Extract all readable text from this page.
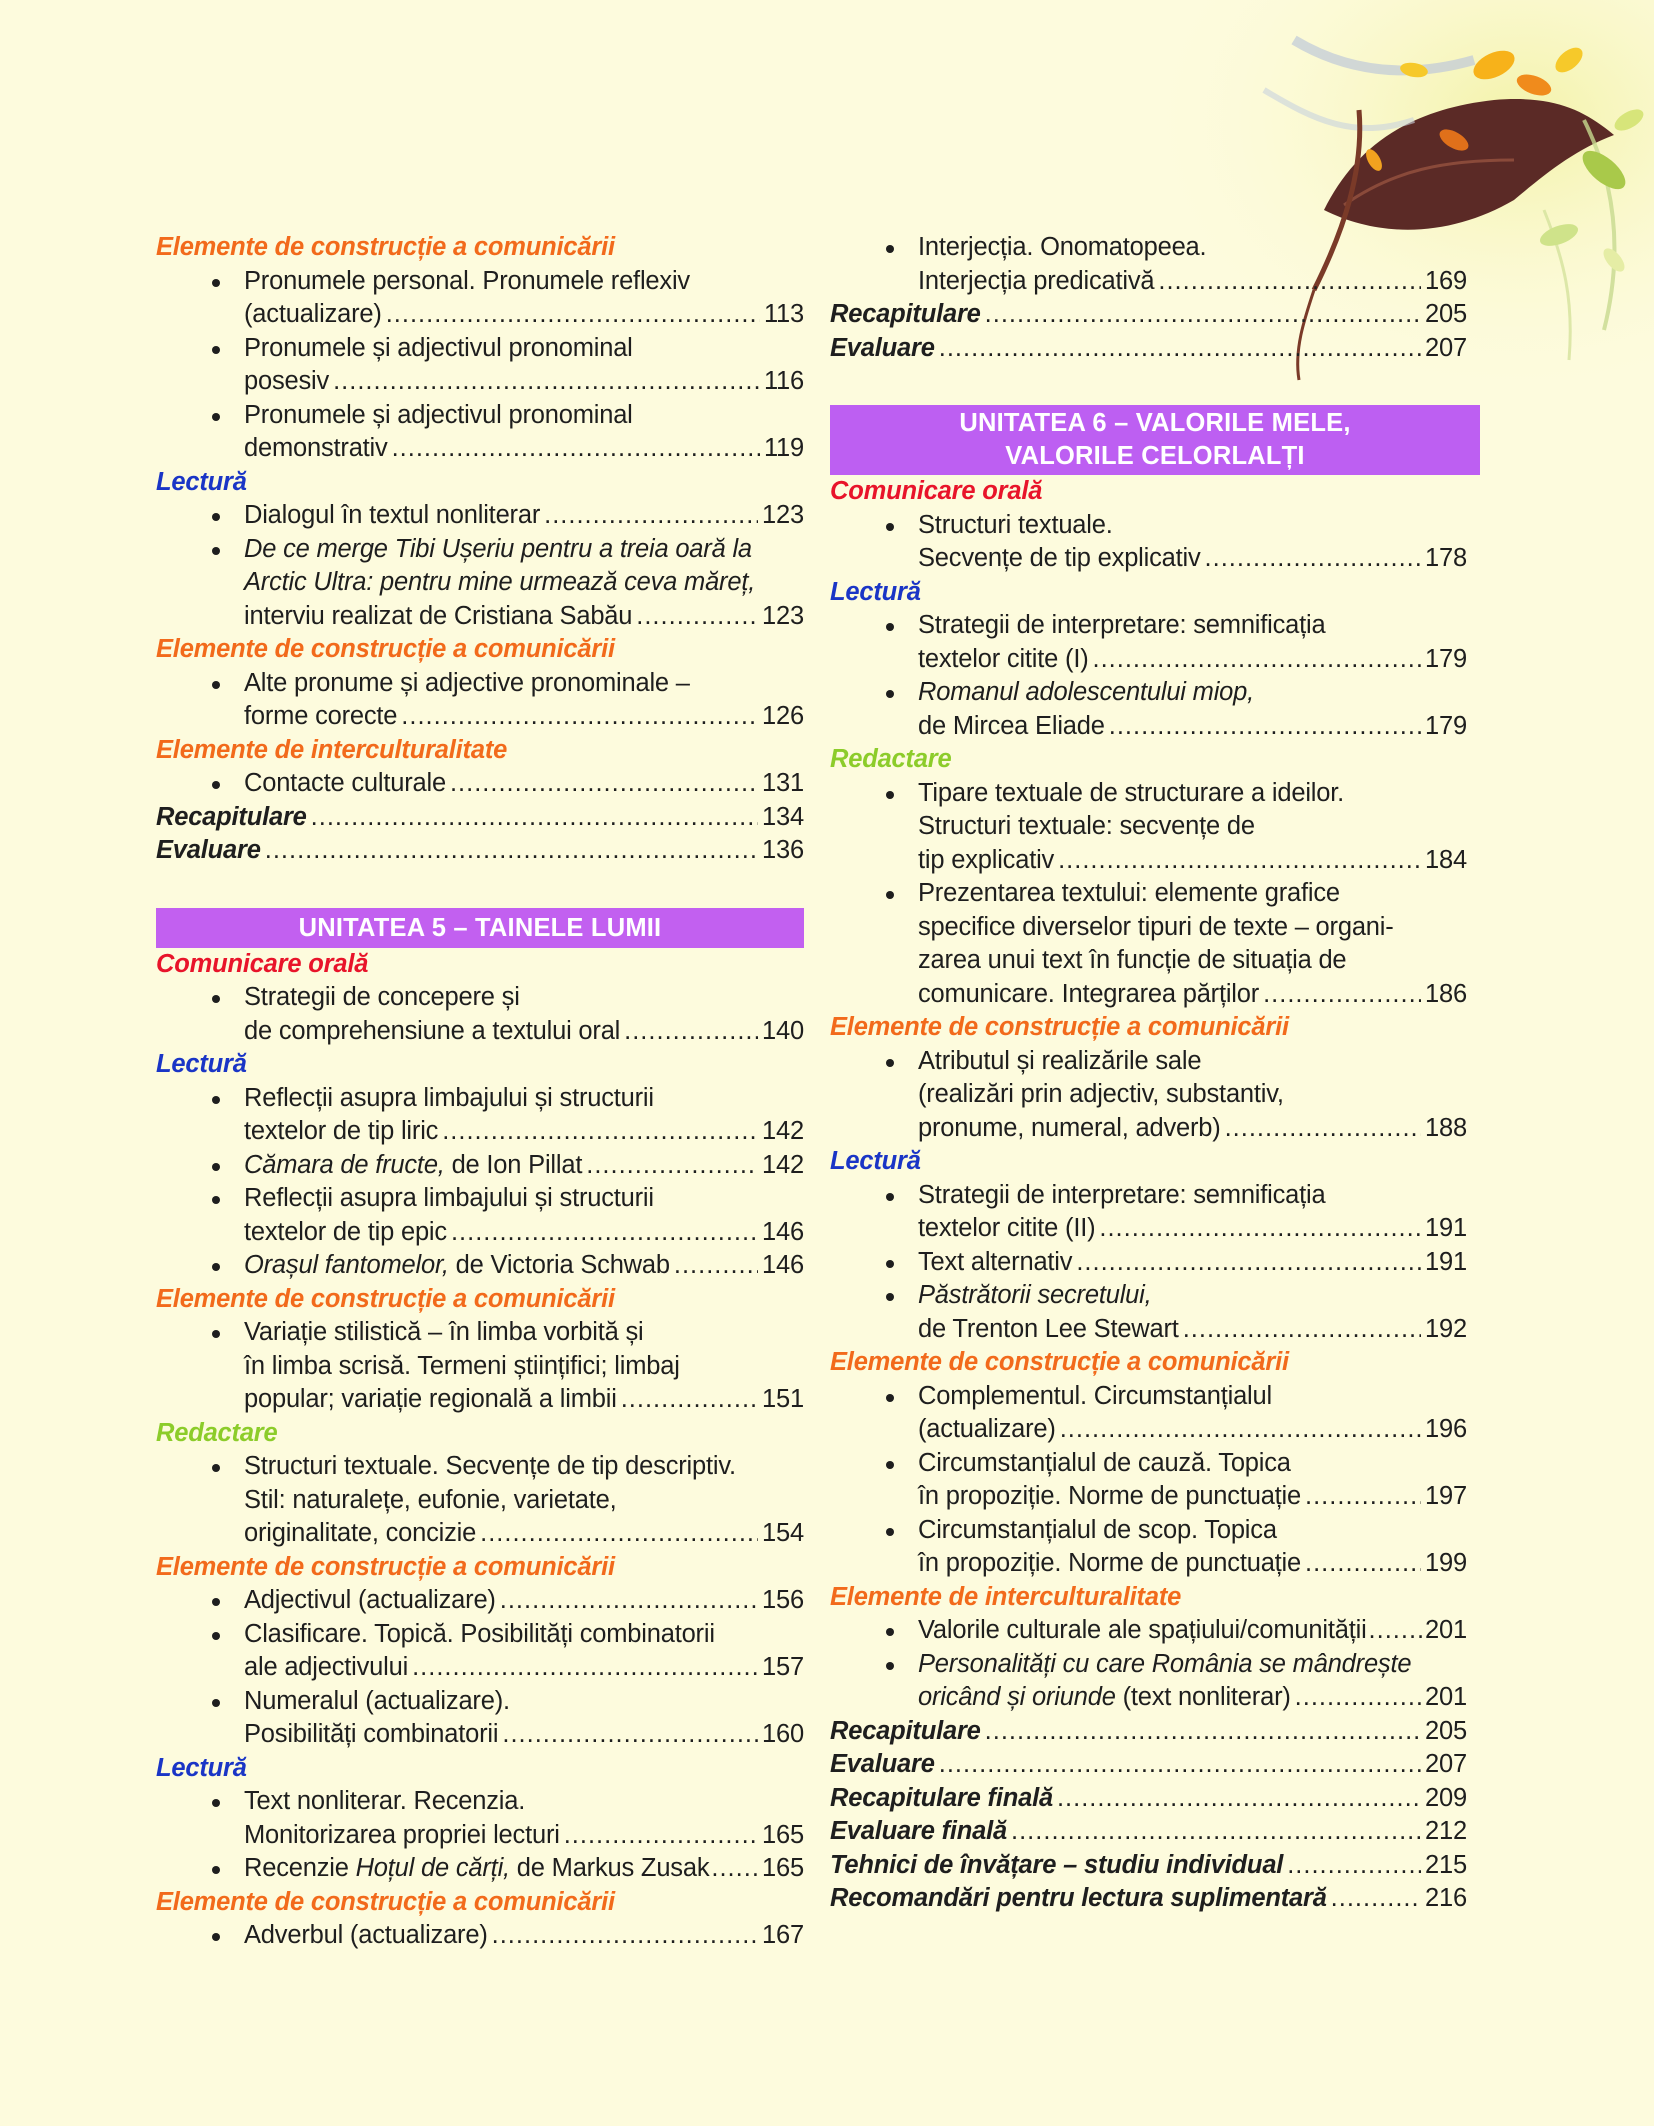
Elemente de construcție a comunicării
Pronumele personal. Pronumele reflexiv
(actualizare) .....	113
Pronumele și adjectivul pronominal
posesiv .....	116
Pronumele și adjectivul pronominal
demonstrativ .....	119
Lectură
Dialogul în textul nonliterar .....	123
De ce merge Tibi Ușeriu pentru a treia oară la
Arctic Ultra: pentru mine urmează ceva măreț,
interviu realizat de Cristiana Sabău .....	123
Elemente de construcție a comunicării
Alte pronume și adjective pronominale –
forme corecte .....	126
Elemente de interculturalitate
Contacte culturale .....	131
Recapitulare .....	134
Evaluare .....	136
UNITATEA 5 – TAINELE LUMII
Comunicare orală
Strategii de concepere și
de comprehensiune a textului oral .....	140
Lectură
Reflecții asupra limbajului și structurii
textelor de tip liric .....	142
Cămara de fructe, de Ion Pillat .....	142
Reflecții asupra limbajului și structurii
textelor de tip epic .....	146
Orașul fantomelor, de Victoria Schwab .....	146
Elemente de construcție a comunicării
Variație stilistică – în limba vorbită și
în limba scrisă. Termeni științifici; limbaj
popular; variație regională a limbii .....	151
Redactare
Structuri textuale. Secvențe de tip descriptiv.
Stil: naturalețe, eufonie, varietate,
originalitate, concizie .....	154
Elemente de construcție a comunicării
Adjectivul (actualizare) .....	156
Clasificare. Topică. Posibilități combinatorii
ale adjectivului .....	157
Numeralul (actualizare).
Posibilități combinatorii .....	160
Lectură
Text nonliterar. Recenzia.
Monitorizarea propriei lecturi .....	165
Recenzie Hoțul de cărți, de Markus Zusak ..... 165
Elemente de construcție a comunicării
Adverbul (actualizare) .....	167
Interjecția. Onomatopeea.
Interjecția predicativă .....	169
Recapitulare .....	205
Evaluare .....	207
UNITATEA 6 – VALORILE MELE,
VALORILE CELORLALȚI
Comunicare orală
Structuri textuale.
Secvențe de tip explicativ .....	178
Lectură
Strategii de interpretare: semnificația
textelor citite (I) .....	179
Romanul adolescentului miop,
de Mircea Eliade .....	179
Redactare
Tipare textuale de structurare a ideilor.
Structuri textuale: secvențe de
tip explicativ .....	184
Prezentarea textului: elemente grafice
specifice diverselor tipuri de texte – organi-
zarea unui text în funcție de situația de
comunicare. Integrarea părților .....	186
Elemente de construcție a comunicării
Atributul și realizările sale
(realizări prin adjectiv, substantiv,
pronume, numeral, adverb) .....	188
Lectură
Strategii de interpretare: semnificația
textelor citite (II) .....	191
Text alternativ .....	191
Păstrătorii secretului,
de Trenton Lee Stewart .....	192
Elemente de construcție a comunicării
Complementul. Circumstanțialul
(actualizare) .....	196
Circumstanțialul de cauză. Topica
în propoziție. Norme de punctuație .....	197
Circumstanțialul de scop. Topica
în propoziție. Norme de punctuație .....	199
Elemente de interculturalitate
Valorile culturale ale spațiului/comunității ..... 201
Personalități cu care România se mândrește
oricând și oriunde (text nonliterar) .....	201
Recapitulare .....	205
Evaluare .....	207
Recapitulare finală .....	209
Evaluare finală .....	212
Tehnici de învățare – studiu individual .....	215
Recomandări pentru lectura suplimentară .....	216
